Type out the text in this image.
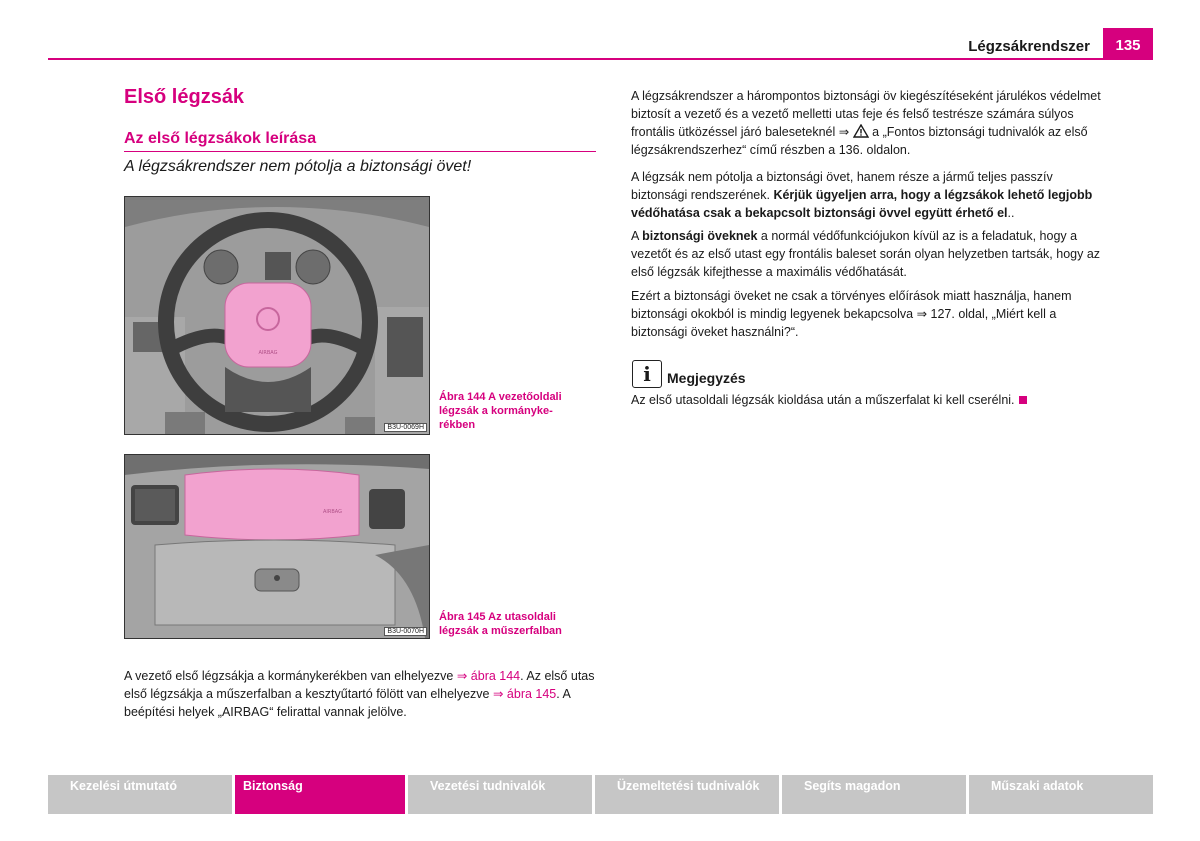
Légzsákrendszer	135
Első légzsák
Az első légzsákok leírása
A légzsákrendszer nem pótolja a biztonsági övet!
AIRBAG
B3U-0069H
Ábra 144 A vezetőoldali
légzsák a kormányke-
rékben
AIRBAG
B3U-0070H
Ábra 145 Az utasoldali
légzsák a műszerfalban
A vezető első légzsákja a kormánykerékben van elhelyezve ⇒ ábra 144. Az első utas első légzsákja a műszerfalban a kesztyűtartó fölött van elhelyezve ⇒ ábra 145. A beépítési helyek „AIRBAG“ felirattal vannak jelölve.
A légzsákrendszer a hárompontos biztonsági öv kiegészítéseként járulékos védelmet biztosít a vezető és a vezető melletti utas feje és felső testrésze számára súlyos frontális ütközéssel járó baleseteknél ⇒  a „Fontos biztonsági tudnivalók az első légzsákrendszerhez“ című részben a 136. oldalon.
A légzsák nem pótolja a biztonsági övet, hanem része a jármű teljes passzív biztonsági rendszerének. Kérjük ügyeljen arra, hogy a légzsákok lehető legjobb védőhatása csak a bekapcsolt biztonsági övvel együtt érhető el..
A biztonsági öveknek a normál védőfunkciójukon kívül az is a feladatuk, hogy a vezetőt és az első utast egy frontális baleset során olyan helyzetben tartsák, hogy az első légzsák kifejthesse a maximális védőhatását.
Ezért a biztonsági öveket ne csak a törvényes előírások miatt használja, hanem biztonsági okokból is mindig legyenek bekapcsolva ⇒ 127. oldal, „Miért kell a biztonsági öveket használni?“.
i	Megjegyzés
Az első utasoldali légzsák kioldása után a műszerfalat ki kell cserélni.
Kezelési útmutató	Biztonság	Vezetési tudnivalók	Üzemeltetési tudnivalók	Segíts magadon	Műszaki adatok
